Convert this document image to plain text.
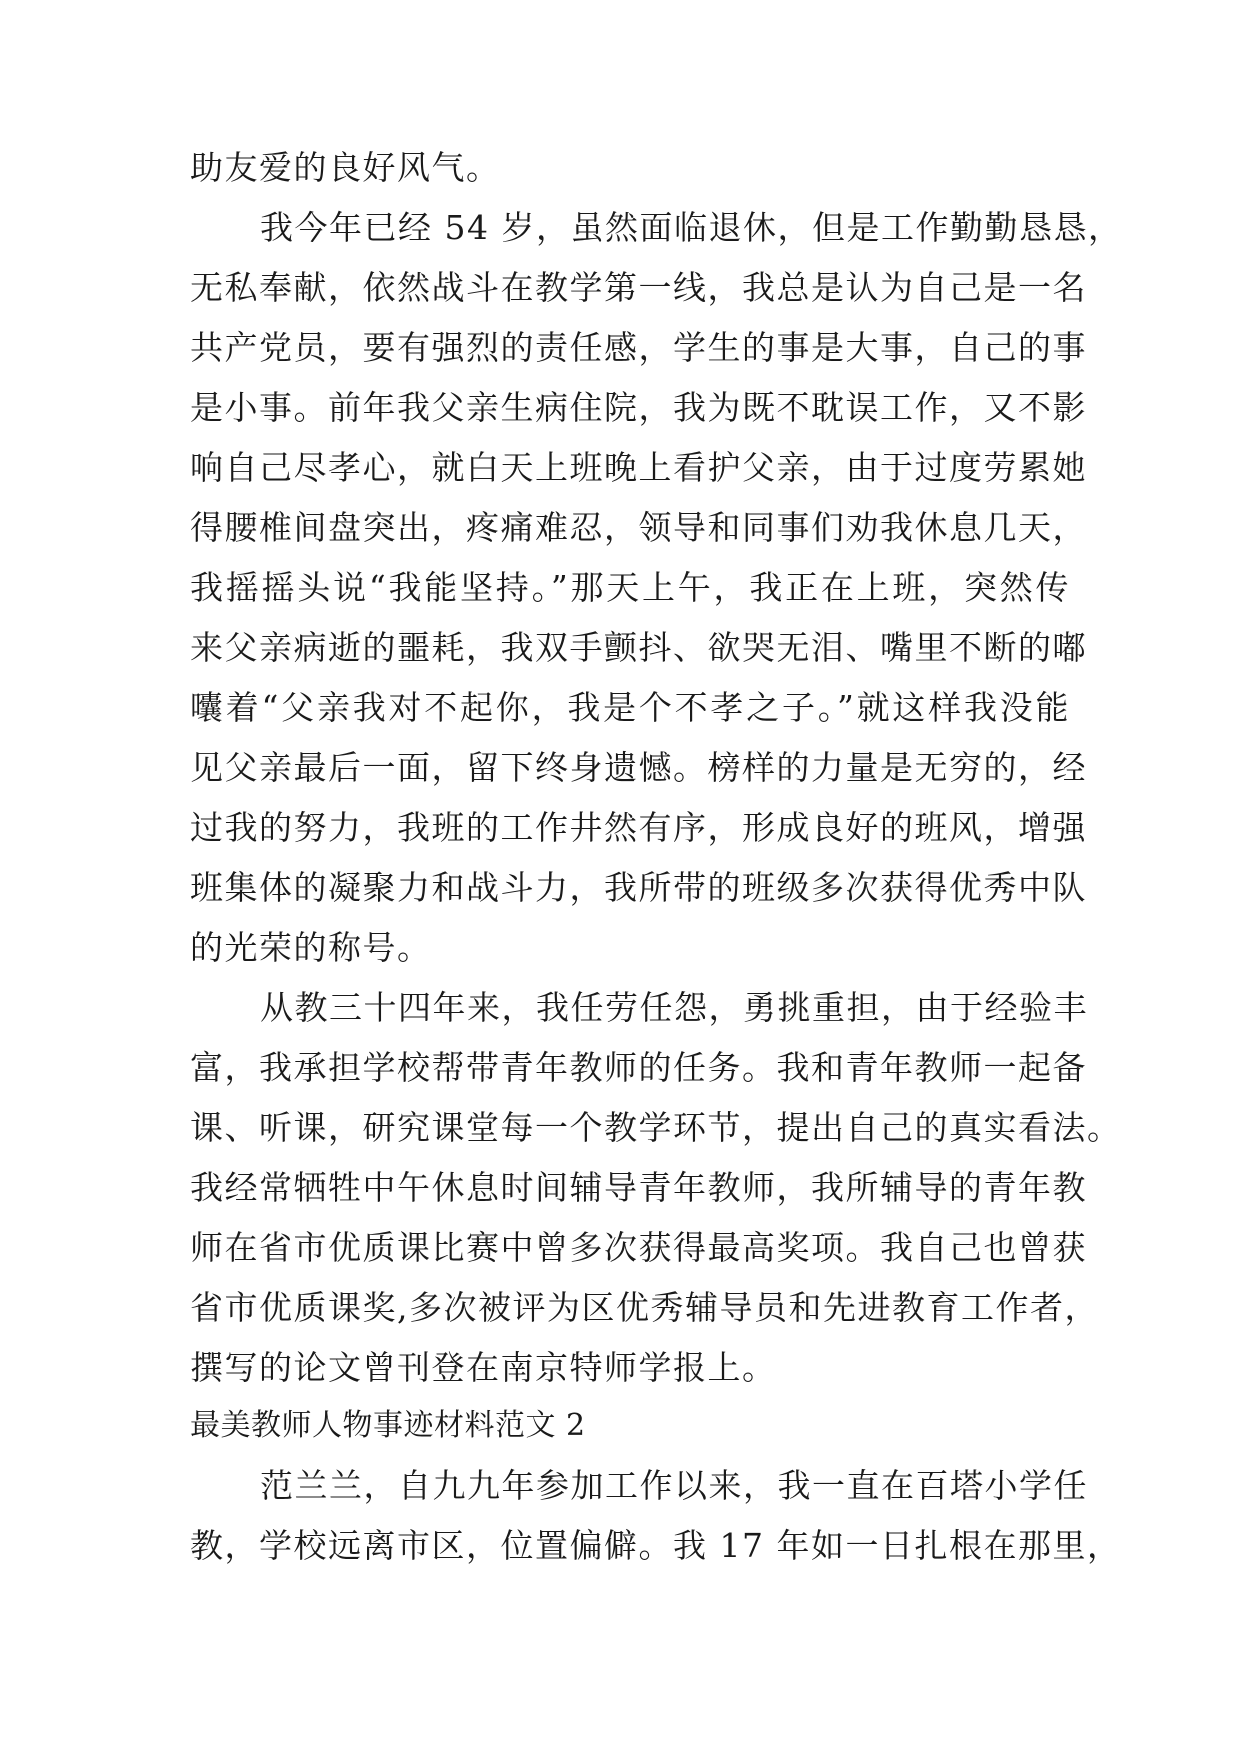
助友爱的良好风气。
我今年已经 54 岁，虽然面临退休，但是工作勤勤恳恳，
无私奉献，依然战斗在教学第一线，我总是认为自己是一名
共产党员，要有强烈的责任感，学生的事是大事，自己的事
是小事。前年我父亲生病住院，我为既不耽误工作，又不影
响自己尽孝心，就白天上班晚上看护父亲，由于过度劳累她
得腰椎间盘突出，疼痛难忍，领导和同事们劝我休息几天，
我摇摇头说“我能坚持。”那天上午，我正在上班，突然传
来父亲病逝的噩耗，我双手颤抖、欲哭无泪、嘴里不断的嘟
囔着“父亲我对不起你，我是个不孝之子。”就这样我没能
见父亲最后一面，留下终身遗憾。榜样的力量是无穷的，经
过我的努力，我班的工作井然有序，形成良好的班风，增强
班集体的凝聚力和战斗力，我所带的班级多次获得优秀中队
的光荣的称号。
从教三十四年来，我任劳任怨，勇挑重担，由于经验丰
富，我承担学校帮带青年教师的任务。我和青年教师一起备
课、听课，研究课堂每一个教学环节，提出自己的真实看法。
我经常牺牲中午休息时间辅导青年教师，我所辅导的青年教
师在省市优质课比赛中曾多次获得最高奖项。我自己也曾获
省市优质课奖,多次被评为区优秀辅导员和先进教育工作者，
撰写的论文曾刊登在南京特师学报上。
最美教师人物事迹材料范文 2
范兰兰，自九九年参加工作以来，我一直在百塔小学任
教，学校远离市区，位置偏僻。我 17 年如一日扎根在那里，
